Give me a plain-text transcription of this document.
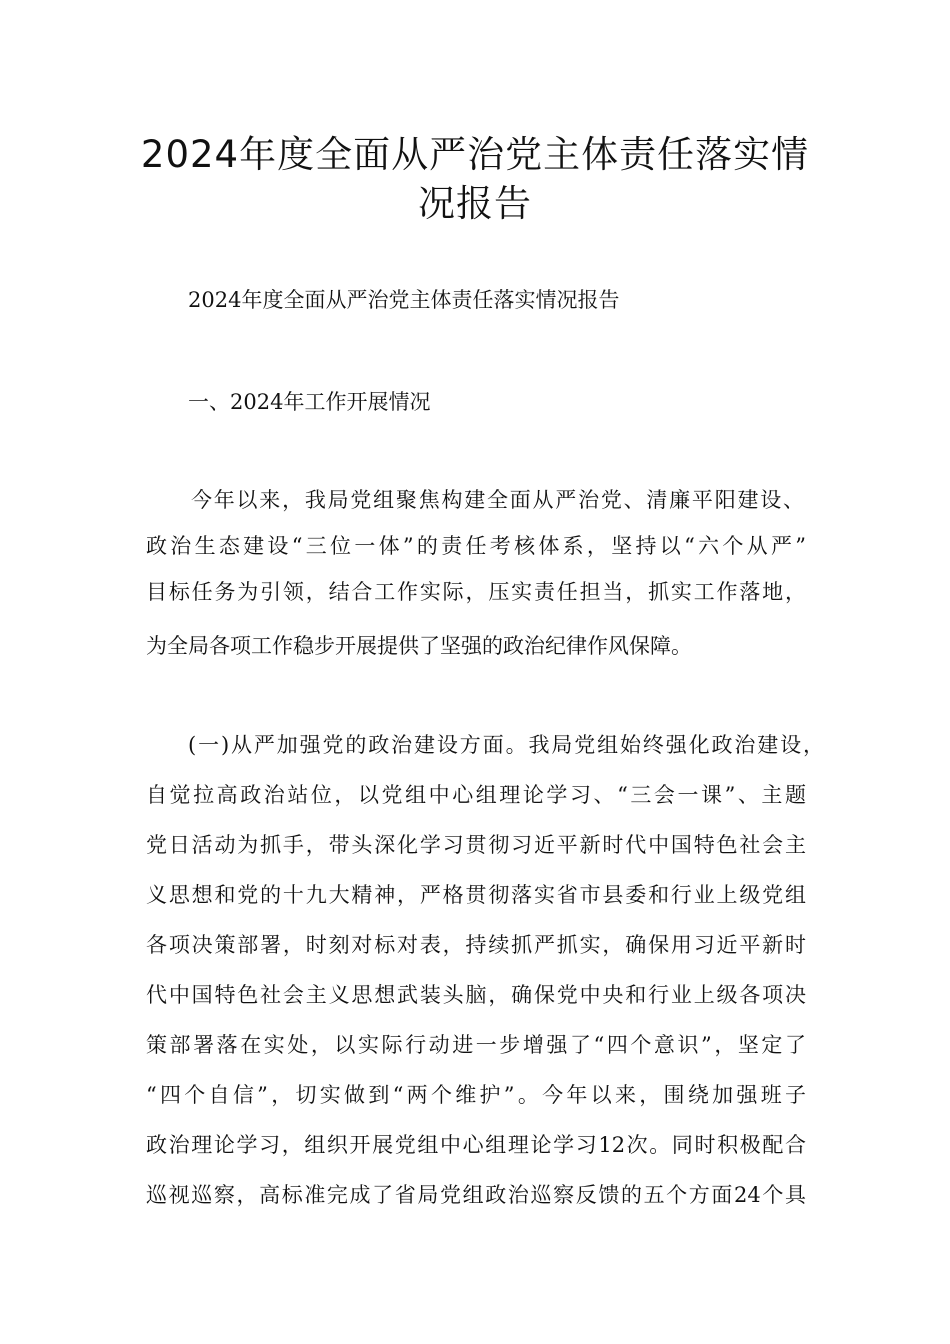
2024年度全面从严治党主体责任落实情
况报告

2024年度全面从严治党主体责任落实情况报告

一、2024年工作开展情况

今年以来，我局党组聚焦构建全面从严治党、清廉平阳建设、

政治生态建设“三位一体”的责任考核体系，坚持以“六个从严”

目标任务为引领，结合工作实际，压实责任担当，抓实工作落地，

为全局各项工作稳步开展提供了坚强的政治纪律作风保障。

(一)从严加强党的政治建设方面。我局党组始终强化政治建设，

自觉拉高政治站位，以党组中心组理论学习、“三会一课”、主题

党日活动为抓手，带头深化学习贯彻习近平新时代中国特色社会主

义思想和党的十九大精神，严格贯彻落实省市县委和行业上级党组

各项决策部署，时刻对标对表，持续抓严抓实，确保用习近平新时

代中国特色社会主义思想武装头脑，确保党中央和行业上级各项决

策部署落在实处，以实际行动进一步增强了“四个意识”，坚定了

“四个自信”，切实做到“两个维护”。今年以来，围绕加强班子

政治理论学习，组织开展党组中心组理论学习12次。同时积极配合

巡视巡察，高标准完成了省局党组政治巡察反馈的五个方面24个具
